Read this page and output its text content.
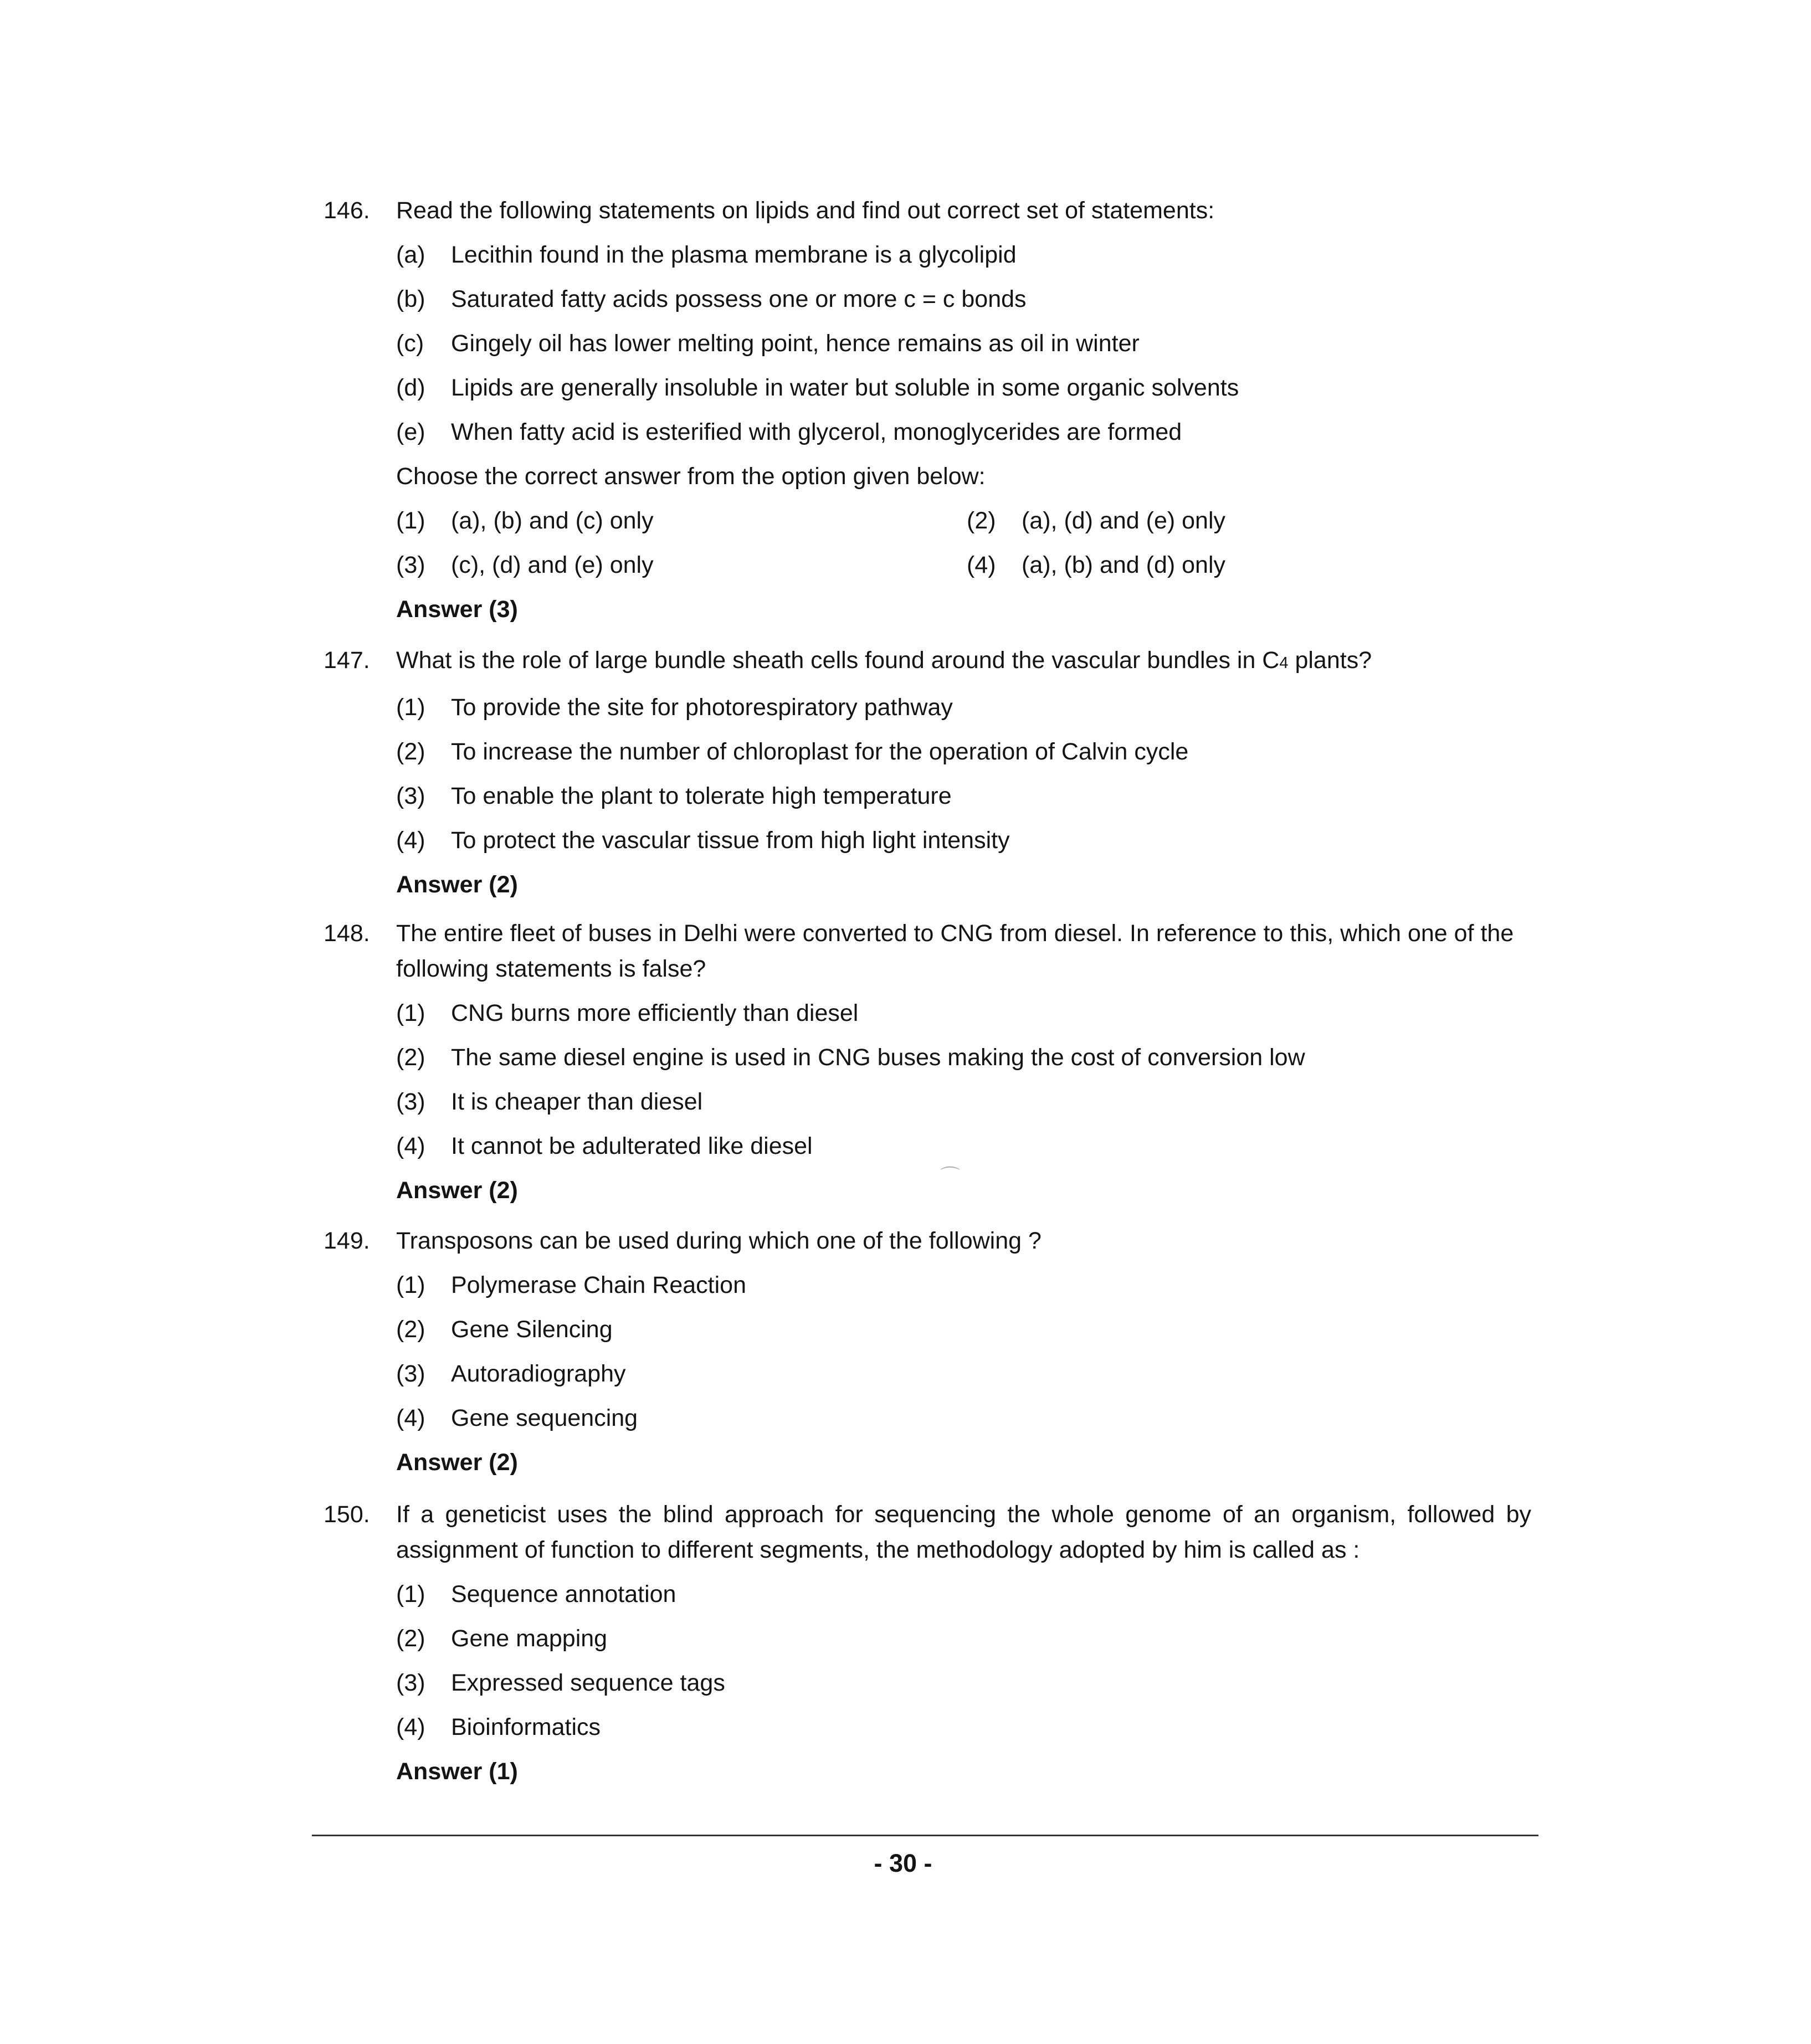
146. Read the following statements on lipids and find out correct set of statements:
(a)	Lecithin found in the plasma membrane is a glycolipid
(b)	Saturated fatty acids possess one or more c = c bonds
(c)	Gingely oil has lower melting point, hence remains as oil in winter
(d)	Lipids are generally insoluble in water but soluble in some organic solvents
(e)	When fatty acid is esterified with glycerol, monoglycerides are formed
Choose the correct answer from the option given below:
(1)	(a), (b) and (c) only	(2)	(a), (d) and (e) only
(3)	(c), (d) and (e) only	(4)	(a), (b) and (d) only
Answer (3)
147. What is the role of large bundle sheath cells found around the vascular bundles in C4 plants?
(1)	To provide the site for photorespiratory pathway
(2)	To increase the number of chloroplast for the operation of Calvin cycle
(3)	To enable the plant to tolerate high temperature
(4)	To protect the vascular tissue from high light intensity
Answer (2)
148. The entire fleet of buses in Delhi were converted to CNG from diesel. In reference to this, which one of the
following statements is false?
(1)	CNG burns more efficiently than diesel
(2)	The same diesel engine is used in CNG buses making the cost of conversion low
(3)	It is cheaper than diesel
(4)	It cannot be adulterated like diesel
Answer (2)
149. Transposons can be used during which one of the following ?
(1)	Polymerase Chain Reaction
(2)	Gene Silencing
(3)	Autoradiography
(4)	Gene sequencing
Answer (2)
150. If a geneticist uses the blind approach for sequencing the whole genome of an organism, followed by
assignment of function to different segments, the methodology adopted by him is called as :
(1)	Sequence annotation
(2)	Gene mapping
(3)	Expressed sequence tags
(4)	Bioinformatics
Answer (1)
⌒
- 30 -
